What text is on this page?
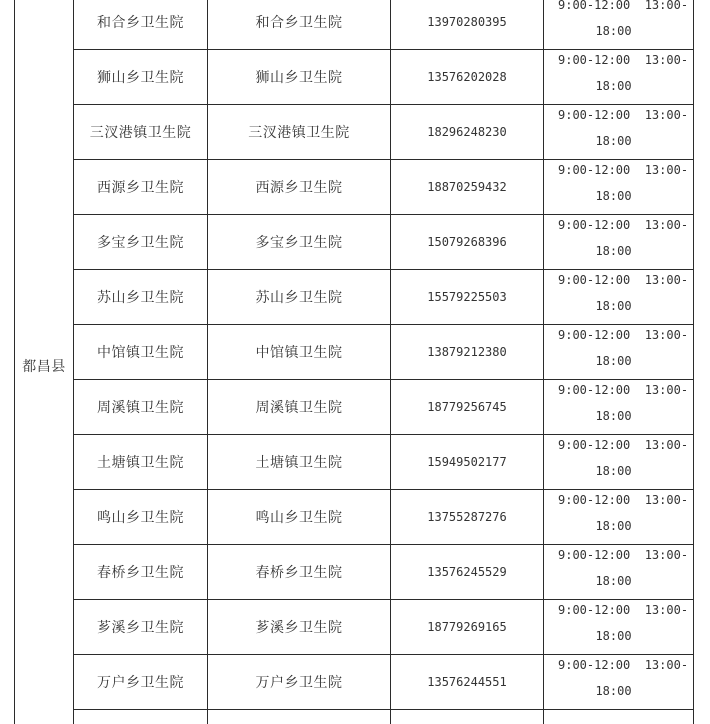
都昌县	和合乡卫生院	和合乡卫生院	13970280395	9:00-12:00  13:00-
18:00

	狮山乡卫生院	狮山乡卫生院	13576202028	9:00-12:00  13:00-
18:00

	三汊港镇卫生院	三汊港镇卫生院	18296248230	9:00-12:00  13:00-
18:00

	西源乡卫生院	西源乡卫生院	18870259432	9:00-12:00  13:00-
18:00

	多宝乡卫生院	多宝乡卫生院	15079268396	9:00-12:00  13:00-
18:00

	苏山乡卫生院	苏山乡卫生院	15579225503	9:00-12:00  13:00-
18:00

	中馆镇卫生院	中馆镇卫生院	13879212380	9:00-12:00  13:00-
18:00

	周溪镇卫生院	周溪镇卫生院	18779256745	9:00-12:00  13:00-
18:00

	土塘镇卫生院	土塘镇卫生院	15949502177	9:00-12:00  13:00-
18:00

	鸣山乡卫生院	鸣山乡卫生院	13755287276	9:00-12:00  13:00-
18:00

	春桥乡卫生院	春桥乡卫生院	13576245529	9:00-12:00  13:00-
18:00

	芗溪乡卫生院	芗溪乡卫生院	18779269165	9:00-12:00  13:00-
18:00

	万户乡卫生院	万户乡卫生院	13576244551	9:00-12:00  13:00-
18:00
